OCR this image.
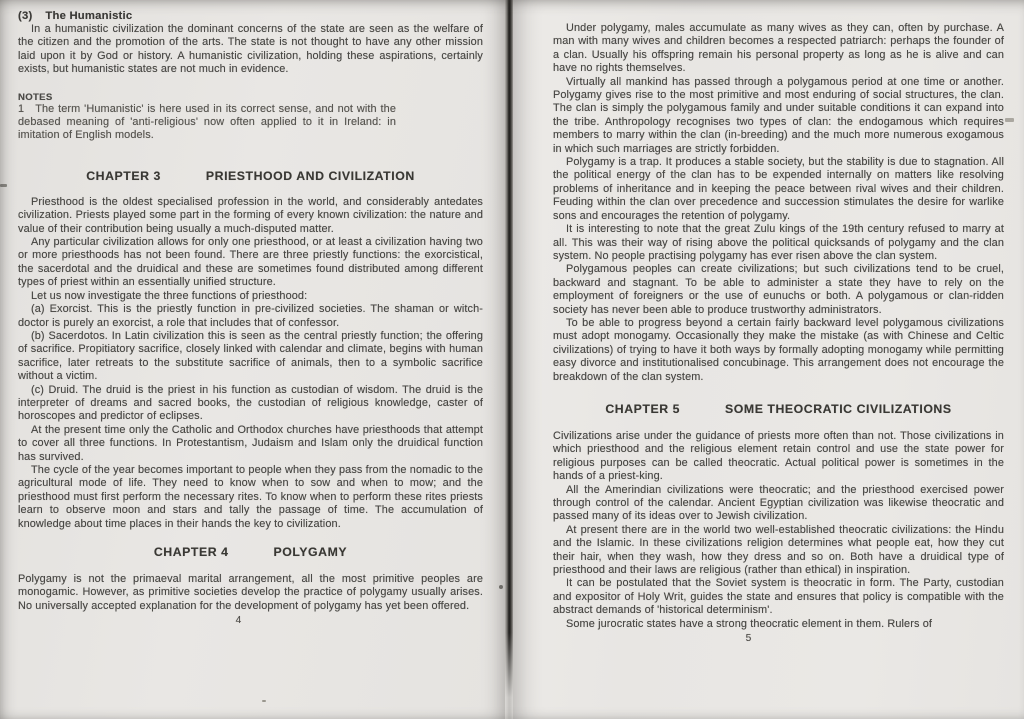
(3) The Humanistic

In a humanistic civilization the dominant concerns of the state are seen as the welfare of the citizen and the promotion of the arts. The state is not thought to have any other mission laid upon it by God or history. A humanistic civilization, holding these aspirations, certainly exists, but humanistic states are not much in evidence.

NOTES

1 The term 'Humanistic' is here used in its correct sense, and not with the debased meaning of 'anti-religious' now often applied to it in Ireland: in imitation of English models.

CHAPTER 3	PRIESTHOOD AND CIVILIZATION

Priesthood is the oldest specialised profession in the world, and considerably antedates civilization. Priests played some part in the forming of every known civilization: the nature and value of their contribution being usually a much-disputed matter.

Any particular civilization allows for only one priesthood, or at least a civilization having two or more priesthoods has not been found. There are three priestly functions: the exorcistical, the sacerdotal and the druidical and these are sometimes found distributed among different types of priest within an essentially unified structure.

Let us now investigate the three functions of priesthood:

(a) Exorcist. This is the priestly function in pre-civilized societies. The shaman or witch-doctor is purely an exorcist, a role that includes that of confessor.

(b) Sacerdotos. In Latin civilization this is seen as the central priestly function; the offering of sacrifice. Propitiatory sacrifice, closely linked with calendar and climate, begins with human sacrifice, later retreats to the substitute sacrifice of animals, then to a symbolic sacrifice without a victim.

(c) Druid. The druid is the priest in his function as custodian of wisdom. The druid is the interpreter of dreams and sacred books, the custodian of religious knowledge, caster of horoscopes and predictor of eclipses.

At the present time only the Catholic and Orthodox churches have priesthoods that attempt to cover all three functions. In Protestantism, Judaism and Islam only the druidical function has survived.

The cycle of the year becomes important to people when they pass from the nomadic to the agricultural mode of life. They need to know when to sow and when to mow; and the priesthood must first perform the necessary rites. To know when to perform these rites priests learn to observe moon and stars and tally the passage of time. The accumulation of knowledge about time places in their hands the key to civilization.

CHAPTER 4	POLYGAMY

Polygamy is not the primaeval marital arrangement, all the most primitive peoples are monogamic. However, as primitive societies develop the practice of polygamy usually arises. No universally accepted explanation for the development of polygamy has yet been offered.

4

Under polygamy, males accumulate as many wives as they can, often by purchase. A man with many wives and children becomes a respected patriarch: perhaps the founder of a clan. Usually his offspring remain his personal property as long as he is alive and can have no rights themselves.

Virtually all mankind has passed through a polygamous period at one time or another. Polygamy gives rise to the most primitive and most enduring of social structures, the clan. The clan is simply the polygamous family and under suitable conditions it can expand into the tribe. Anthropology recognises two types of clan: the endogamous which requires members to marry within the clan (in-breeding) and the much more numerous exogamous in which such marriages are strictly forbidden.

Polygamy is a trap. It produces a stable society, but the stability is due to stagnation. All the political energy of the clan has to be expended internally on matters like resolving problems of inheritance and in keeping the peace between rival wives and their children. Feuding within the clan over precedence and succession stimulates the desire for warlike sons and encourages the retention of polygamy.

It is interesting to note that the great Zulu kings of the 19th century refused to marry at all. This was their way of rising above the political quicksands of polygamy and the clan system. No people practising polygamy has ever risen above the clan system.

Polygamous peoples can create civilizations; but such civilizations tend to be cruel, backward and stagnant. To be able to administer a state they have to rely on the employment of foreigners or the use of eunuchs or both. A polygamous or clan-ridden society has never been able to produce trustworthy administrators.

To be able to progress beyond a certain fairly backward level polygamous civilizations must adopt monogamy. Occasionally they make the mistake (as with Chinese and Celtic civilizations) of trying to have it both ways by formally adopting monogamy while permitting easy divorce and institutionalised concubinage. This arrangement does not encourage the breakdown of the clan system.

CHAPTER 5	SOME THEOCRATIC CIVILIZATIONS

Civilizations arise under the guidance of priests more often than not. Those civilizations in which priesthood and the religious element retain control and use the state power for religious purposes can be called theocratic. Actual political power is sometimes in the hands of a priest-king.

All the Amerindian civilizations were theocratic; and the priesthood exercised power through control of the calendar. Ancient Egyptian civilization was likewise theocratic and passed many of its ideas over to Jewish civilization.

At present there are in the world two well-established theocratic civilizations: the Hindu and the Islamic. In these civilizations religion determines what people eat, how they cut their hair, when they wash, how they dress and so on. Both have a druidical type of priesthood and their laws are religious (rather than ethical) in inspiration.

It can be postulated that the Soviet system is theocratic in form. The Party, custodian and expositor of Holy Writ, guides the state and ensures that policy is compatible with the abstract demands of 'historical determinism'.

Some jurocratic states have a strong theocratic element in them. Rulers of

5
